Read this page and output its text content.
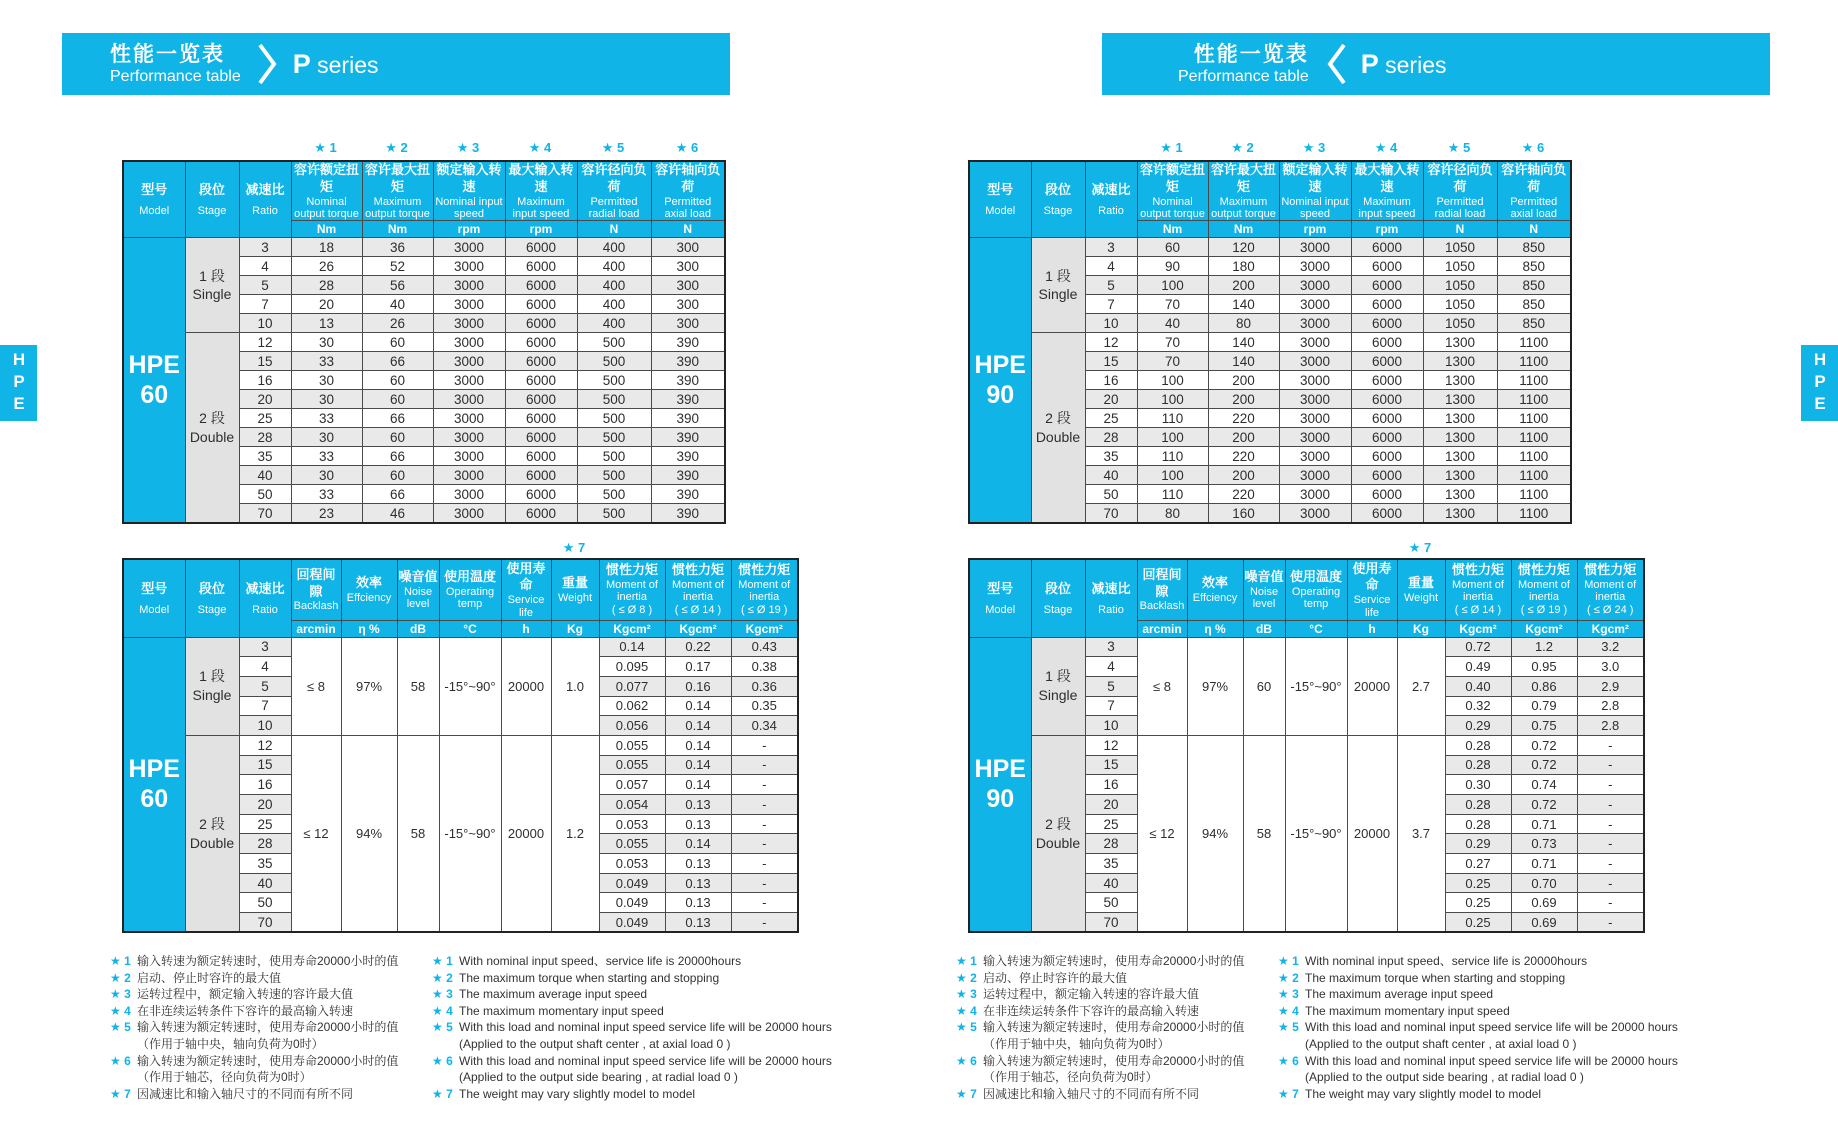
HPE	HPE
性能一览表
Performance table P series
★ 1	★ 2	★ 3	★ 4	★ 5	★ 6
型号
Model

段位
Stage

减速比
Ratio

容许额定扭矩
Nominal output torque

容许最大扭矩
Maximum output torque

额定输入转速
Nominal input speed

最大输入转速
Maximum input speed

容许径向负荷
Permitted radial load

容许轴向负荷
Permitted axial load

			Nm	Nm	rpm	rpm	N	N

HPE
60

1 段
Single
	3	18	36	3000	6000	400	300
		4	26	52	3000	6000	400	300
		5	28	56	3000	6000	400	300
		7	20	40	3000	6000	400	300
		10	13	26	3000	6000	400	300

	2 段
Double	12	30	60	3000	6000	500	390
		15	33	66	3000	6000	500	390
		16	30	60	3000	6000	500	390
		20	30	60	3000	6000	500	390
		25	33	66	3000	6000	500	390
		28	30	60	3000	6000	500	390
		35	33	66	3000	6000	500	390
		40	30	60	3000	6000	500	390
		50	33	66	3000	6000	500	390
		70	23	46	3000	6000	500	390
★ 7
型号
Model

段位
Stage

减速比
Ratio

回程间隙
Backlash

效率
Effciency

噪音值
Noise level

使用温度
Operating temp

使用寿命
Service life

重量
Weight

惯性力矩
Moment of inertia
( ≤ Ø 8 )

惯性力矩
Moment of inertia
( ≤ Ø 14 )

惯性力矩
Moment of inertia
( ≤ Ø 19 )

			arcmin	η %	dB	°C	h	Kg	Kgcm²	Kgcm²	Kgcm²

HPE
60

1 段
Single
	3	≤ 8	97%	58	-15°~90°	20000	1.0	0.14	0.22	0.43
		4							0.095	0.17	0.38
		5							0.077	0.16	0.36
		7							0.062	0.14	0.35
		10							0.056	0.14	0.34

	2 段
Double	12	≤ 12	94%	58	-15°~90°	20000	1.2	0.055	0.14	-
		15							0.055	0.14	-
		16							0.057	0.14	-
		20							0.054	0.13	-
		25							0.053	0.13	-
		28							0.055	0.14	-
		35							0.053	0.13	-
		40							0.049	0.13	-
		50							0.049	0.13	-
		70							0.049	0.13	-
★ 1 输入转速为额定转速时，使用寿命20000小时的值
★ 2 启动、停止时容许的最大值
★ 3 运转过程中，额定输入转速的容许最大值
★ 4 在非连续运转条件下容许的最高输入转速
★ 5 输入转速为额定转速时，使用寿命20000小时的值
（作用于轴中央，轴向负荷为0时）
★ 6 输入转速为额定转速时，使用寿命20000小时的值
（作用于轴芯，径向负荷为0时）
★ 7 因减速比和输入轴尺寸的不同而有所不同
★ 1 With nominal input speed、service life is 20000hours
★ 2 The maximum torque when starting and stopping
★ 3 The maximum average input speed
★ 4 The maximum momentary input speed
★ 5 With this load and nominal input speed service life will be 20000 hours
(Applied to the output shaft center , at axial load 0 )
★ 6 With this load and nominal input speed service life will be 20000 hours
(Applied to the output side bearing , at radial load 0 )
★ 7 The weight may vary slightly model to model
性能一览表
Performance table P series
★ 1	★ 2	★ 3	★ 4	★ 5	★ 6
型号
Model

段位
Stage

减速比
Ratio

容许额定扭矩
Nominal output torque

容许最大扭矩
Maximum output torque

额定输入转速
Nominal input speed

最大输入转速
Maximum input speed

容许径向负荷
Permitted radial load

容许轴向负荷
Permitted axial load

			Nm	Nm	rpm	rpm	N	N

HPE
90

1 段
Single
	3	60	120	3000	6000	1050	850
		4	90	180	3000	6000	1050	850
		5	100	200	3000	6000	1050	850
		7	70	140	3000	6000	1050	850
		10	40	80	3000	6000	1050	850

	2 段
Double	12	70	140	3000	6000	1300	1100
		15	70	140	3000	6000	1300	1100
		16	100	200	3000	6000	1300	1100
		20	100	200	3000	6000	1300	1100
		25	110	220	3000	6000	1300	1100
		28	100	200	3000	6000	1300	1100
		35	110	220	3000	6000	1300	1100
		40	100	200	3000	6000	1300	1100
		50	110	220	3000	6000	1300	1100
		70	80	160	3000	6000	1300	1100
★ 7
型号
Model

段位
Stage

减速比
Ratio

回程间隙
Backlash

效率
Effciency

噪音值
Noise level

使用温度
Operating temp

使用寿命
Service life

重量
Weight

惯性力矩
Moment of inertia
( ≤ Ø 14 )

惯性力矩
Moment of inertia
( ≤ Ø 19 )

惯性力矩
Moment of inertia
( ≤ Ø 24 )

			arcmin	η %	dB	°C	h	Kg	Kgcm²	Kgcm²	Kgcm²

HPE
90

1 段
Single
	3	≤ 8	97%	60	-15°~90°	20000	2.7	0.72	1.2	3.2
		4							0.49	0.95	3.0
		5							0.40	0.86	2.9
		7							0.32	0.79	2.8
		10							0.29	0.75	2.8

	2 段
Double	12	≤ 12	94%	58	-15°~90°	20000	3.7	0.28	0.72	-
		15							0.28	0.72	-
		16							0.30	0.74	-
		20							0.28	0.72	-
		25							0.28	0.71	-
		28							0.29	0.73	-
		35							0.27	0.71	-
		40							0.25	0.70	-
		50							0.25	0.69	-
		70							0.25	0.69	-
★ 1 输入转速为额定转速时，使用寿命20000小时的值
★ 2 启动、停止时容许的最大值
★ 3 运转过程中，额定输入转速的容许最大值
★ 4 在非连续运转条件下容许的最高输入转速
★ 5 输入转速为额定转速时，使用寿命20000小时的值
（作用于轴中央，轴向负荷为0时）
★ 6 输入转速为额定转速时，使用寿命20000小时的值
（作用于轴芯，径向负荷为0时）
★ 7 因减速比和输入轴尺寸的不同而有所不同
★ 1 With nominal input speed、service life is 20000hours
★ 2 The maximum torque when starting and stopping
★ 3 The maximum average input speed
★ 4 The maximum momentary input speed
★ 5 With this load and nominal input speed service life will be 20000 hours
(Applied to the output shaft center , at axial load 0 )
★ 6 With this load and nominal input speed service life will be 20000 hours
(Applied to the output side bearing , at radial load 0 )
★ 7 The weight may vary slightly model to model
